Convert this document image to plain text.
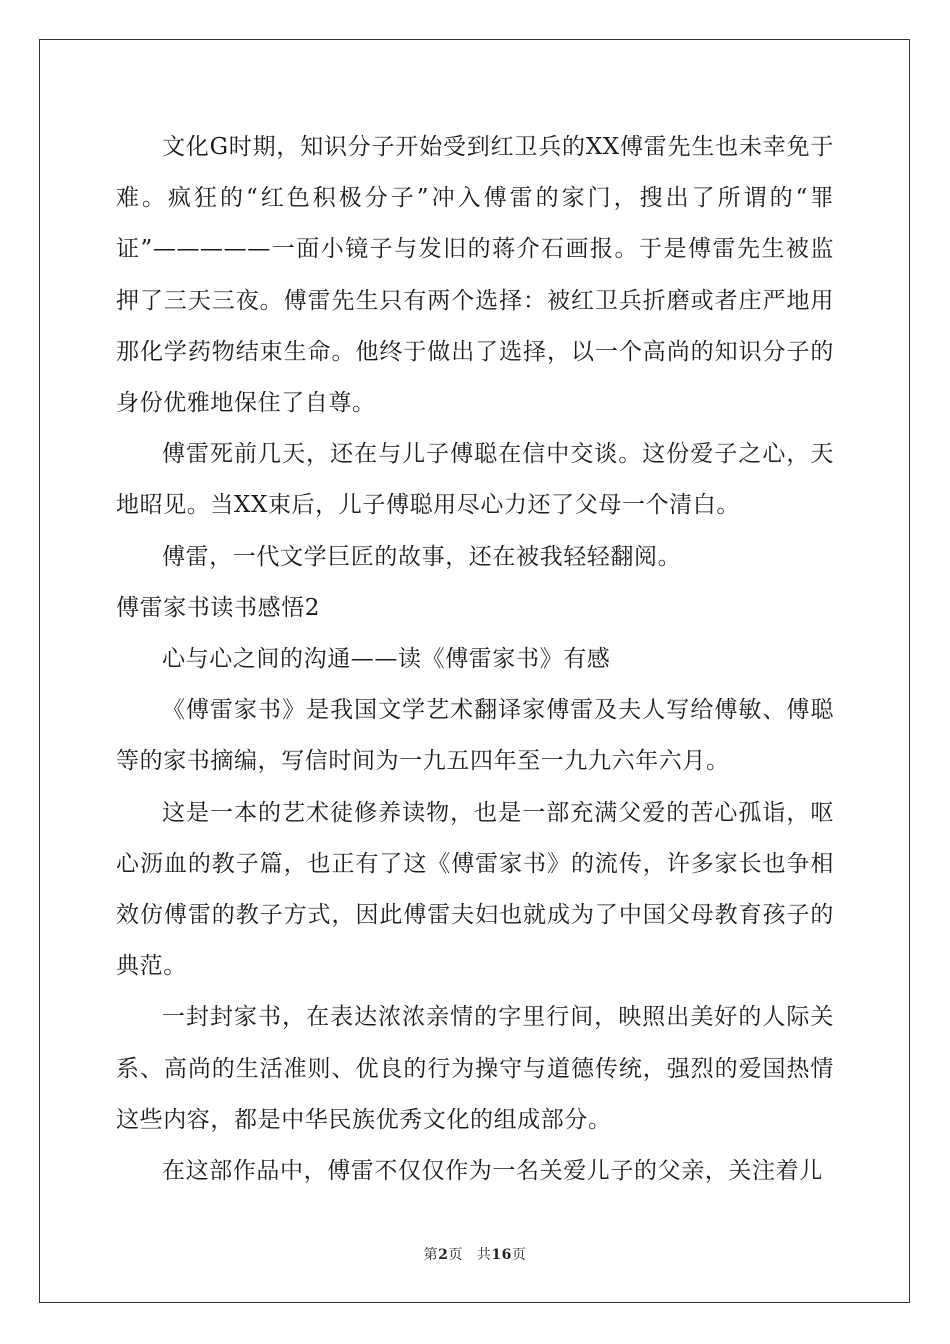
文化G时期，知识分子开始受到红卫兵的XX傅雷先生也未幸免于难。疯狂的“红色积极分子”冲入傅雷的家门，搜出了所谓的“罪证”—————一面小镜子与发旧的蒋介石画报。于是傅雷先生被监押了三天三夜。傅雷先生只有两个选择：被红卫兵折磨或者庄严地用那化学药物结束生命。他终于做出了选择，以一个高尚的知识分子的身份优雅地保住了自尊。

傅雷死前几天，还在与儿子傅聪在信中交谈。这份爱子之心，天地昭见。当XX束后，儿子傅聪用尽心力还了父母一个清白。

傅雷，一代文学巨匠的故事，还在被我轻轻翻阅。

傅雷家书读书感悟2

心与心之间的沟通——读《傅雷家书》有感

《傅雷家书》是我国文学艺术翻译家傅雷及夫人写给傅敏、傅聪等的家书摘编，写信时间为一九五四年至一九九六年六月。

这是一本的艺术徒修养读物，也是一部充满父爱的苦心孤诣，呕心沥血的教子篇，也正有了这《傅雷家书》的流传，许多家长也争相效仿傅雷的教子方式，因此傅雷夫妇也就成为了中国父母教育孩子的典范。

一封封家书，在表达浓浓亲情的字里行间，映照出美好的人际关系、高尚的生活准则、优良的行为操守与道德传统，强烈的爱国热情这些内容，都是中华民族优秀文化的组成部分。

在这部作品中，傅雷不仅仅作为一名关爱儿子的父亲，关注着儿

第2页 共16页
